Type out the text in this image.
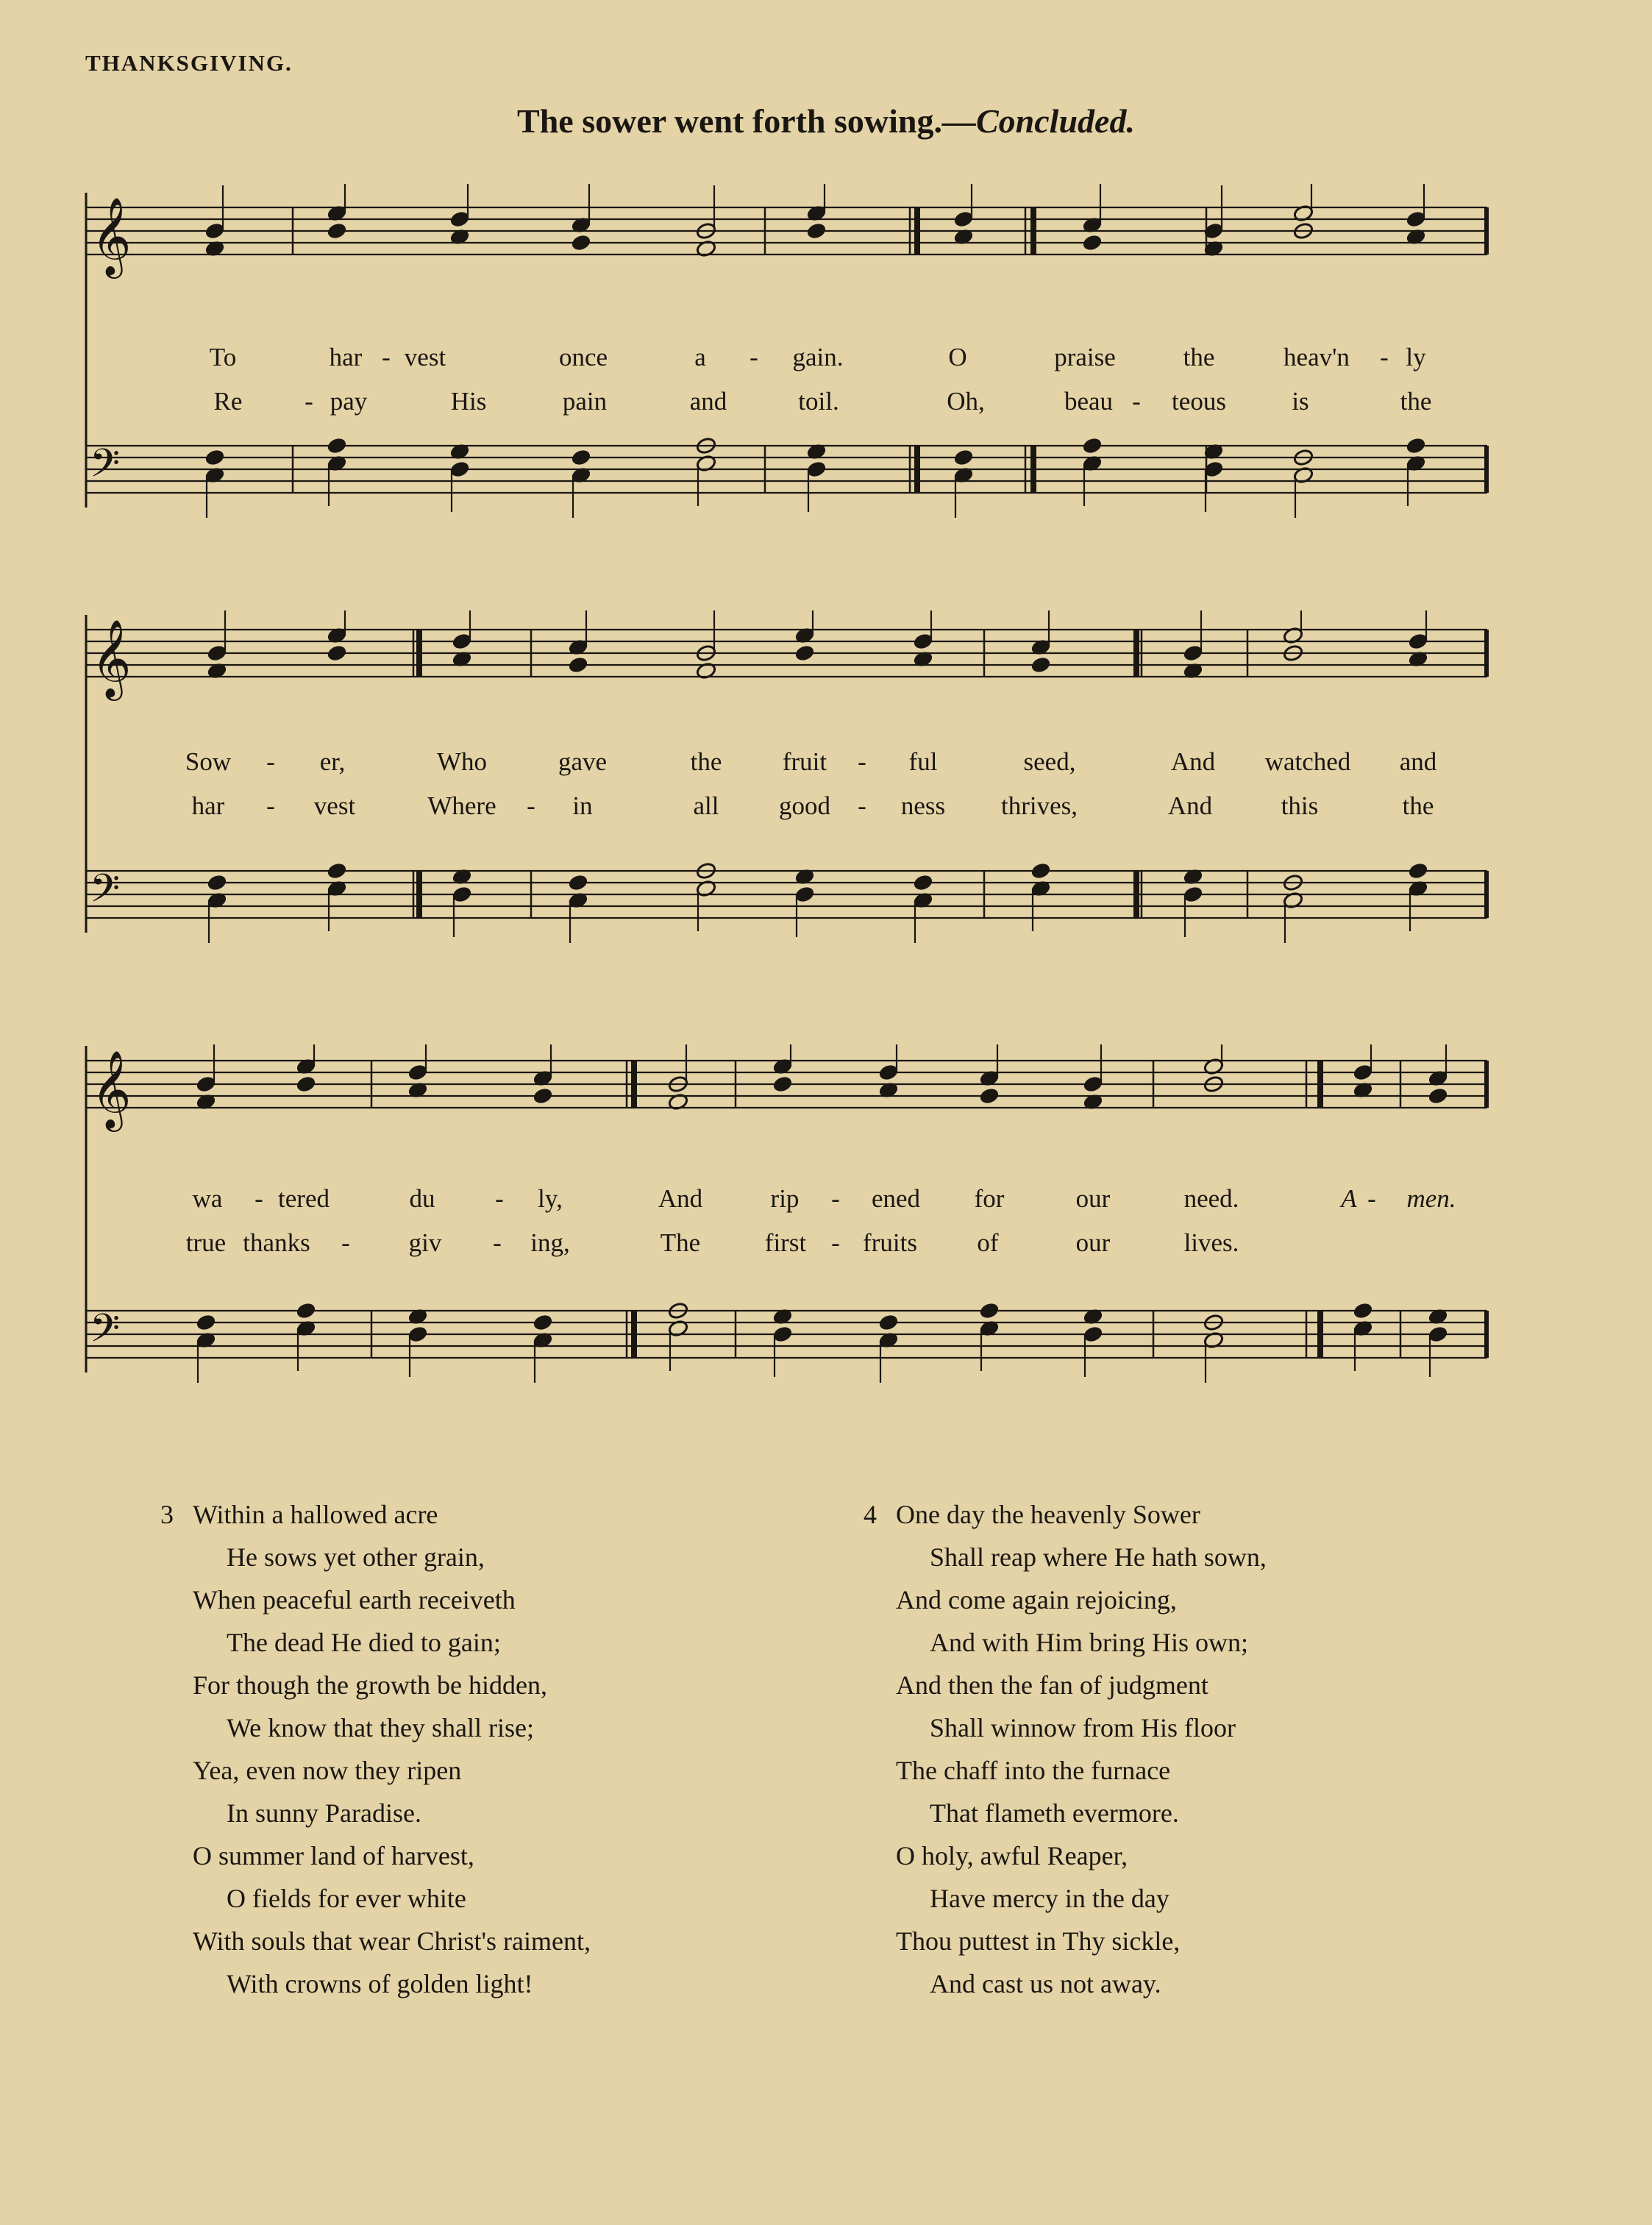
THANKSGIVING.
The sower went forth sowing.—Concluded.
𝄞
𝄢
To	har - vest	once	a - gain.	O	praise	the	heav'n - ly
Re - pay	His	pain	and	toil.	Oh,	beau - teous	is	the
𝄞
𝄢
Sow - er,	Who	gave	the fruit - ful	seed,	And watched and
har - vest	Where - in	all good - ness thrives,	And	this	the
𝄞
𝄢
wa - tered	du - ly,	And	rip - ened for	our	need.	A - men.
true thanks - giv - ing,	The	first - fruits of	our	lives.
3 Within a hallowed acre
He sows yet other grain,
When peaceful earth receiveth
The dead He died to gain;
For though the growth be hidden,
We know that they shall rise;
Yea, even now they ripen
In sunny Paradise.
O summer land of harvest,
O fields for ever white
With souls that wear Christ's raiment,
With crowns of golden light!
4 One day the heavenly Sower
Shall reap where He hath sown,
And come again rejoicing,
And with Him bring His own;
And then the fan of judgment
Shall winnow from His floor
The chaff into the furnace
That flameth evermore.
O holy, awful Reaper,
Have mercy in the day
Thou puttest in Thy sickle,
And cast us not away.
